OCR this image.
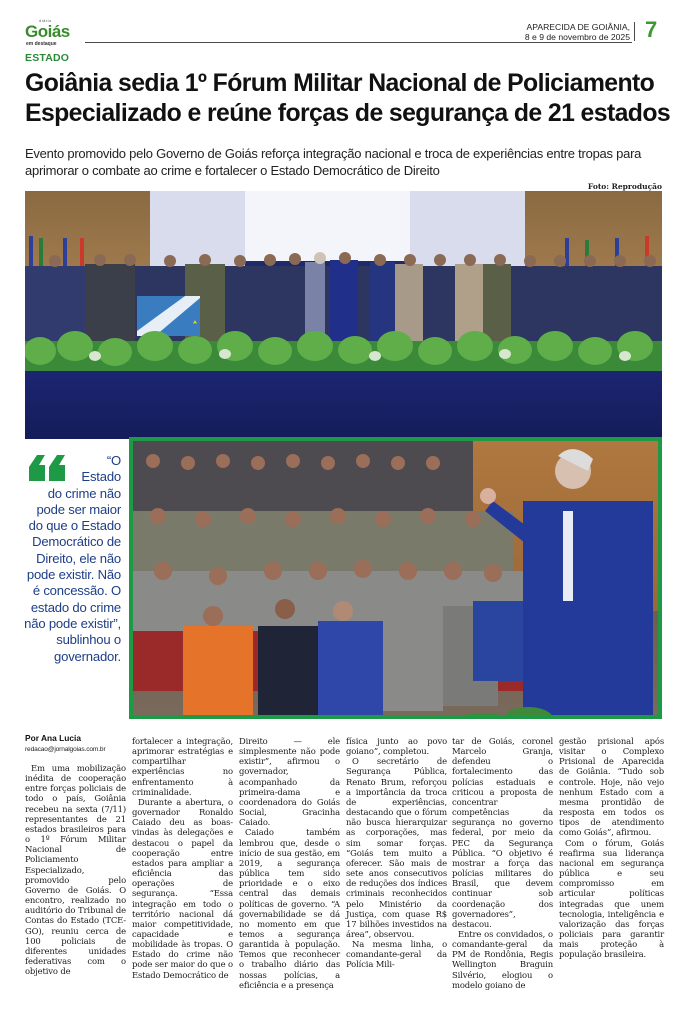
diário
Goiás
em destaque
APARECIDA DE GOIÂNIA,
8 e 9 de novembro de 2025 7
ESTADO
Goiânia sedia 1º Fórum Militar Nacional de Policiamento
Especializado e reúne forças de segurança de 21 estados

Evento promovido pelo Governo de Goiás reforça integração nacional e troca de experiências entre tropas para aprimorar o combate ao crime e fortalecer o Estado Democrático de Direito

Foto: Reprodução
“O Estado do crime não pode ser maior do que o Estado Democrático de Direito, ele não pode existir. Não é concessão. O estado do crime não pode existir”, sublinhou o governador.
Por Ana Lucia
redacao@jornalgoias.com.br

Em uma mobilização inédita de cooperação entre forças policiais de todo o país, Goiânia recebeu na sexta (7/11) representantes de 21 estados brasileiros para o 1º Fórum Militar Nacional de Policiamento Especializado, promovido pelo Governo de Goiás. O encontro, realizado no auditório do Tribunal de Contas do Estado (TCE-GO), reuniu cerca de 100 policiais de diferentes unidades federativas com o objetivo de

fortalecer a integração, aprimorar estratégias e compartilhar experiências no enfrentamento à criminalidade.

Durante a abertura, o governador Ronaldo Caiado deu as boas-vindas às delegações e destacou o papel da cooperação entre estados para ampliar a eficiência das operações de segurança. “Essa integração em todo o território nacional dá maior competitividade, capacidade e mobilidade às tropas. O Estado do crime não pode ser maior do que o Estado Democrático de

Direito — ele simplesmente não pode existir”, afirmou o governador, acompanhado da primeira-dama e coordenadora do Goiás Social, Gracinha Caiado.

Caiado também lembrou que, desde o início de sua gestão, em 2019, a segurança pública tem sido prioridade e o eixo central das demais políticas de governo. “A governabilidade se dá no momento em que temos a segurança garantida à população. Temos que reconhecer o trabalho diário das nossas polícias, a eficiência e a presença

física junto ao povo goiano”, completou.

O secretário de Segurança Pública, Renato Brum, reforçou a importância da troca de experiências, destacando que o fórum não busca hierarquizar as corporações, mas sim somar forças. “Goiás tem muito a oferecer. São mais de sete anos consecutivos de reduções dos índices criminais reconhecidos pelo Ministério da Justiça, com quase R$ 17 bilhões investidos na área”, observou.

Na mesma linha, o comandante-geral da Polícia Mili-

tar de Goiás, coronel Marcelo Granja, defendeu o fortalecimento das polícias estaduais e criticou a proposta de concentrar competências da segurança no governo federal, por meio da PEC da Segurança Pública. “O objetivo é mostrar a força das polícias militares do Brasil, que devem continuar sob coordenação dos governadores”, destacou.

Entre os convidados, o comandante-geral da PM de Rondônia, Regis Wellington Braguin Silvério, elogiou o modelo goiano de

gestão prisional após visitar o Complexo Prisional de Aparecida de Goiânia. “Tudo sob controle. Hoje, não vejo nenhum Estado com a mesma prontidão de resposta em todos os tipos de atendimento como Goiás”, afirmou.

Com o fórum, Goiás reafirma sua liderança nacional em segurança pública e seu compromisso em articular políticas integradas que unem tecnologia, inteligência e valorização das forças policiais para garantir mais proteção à população brasileira.
